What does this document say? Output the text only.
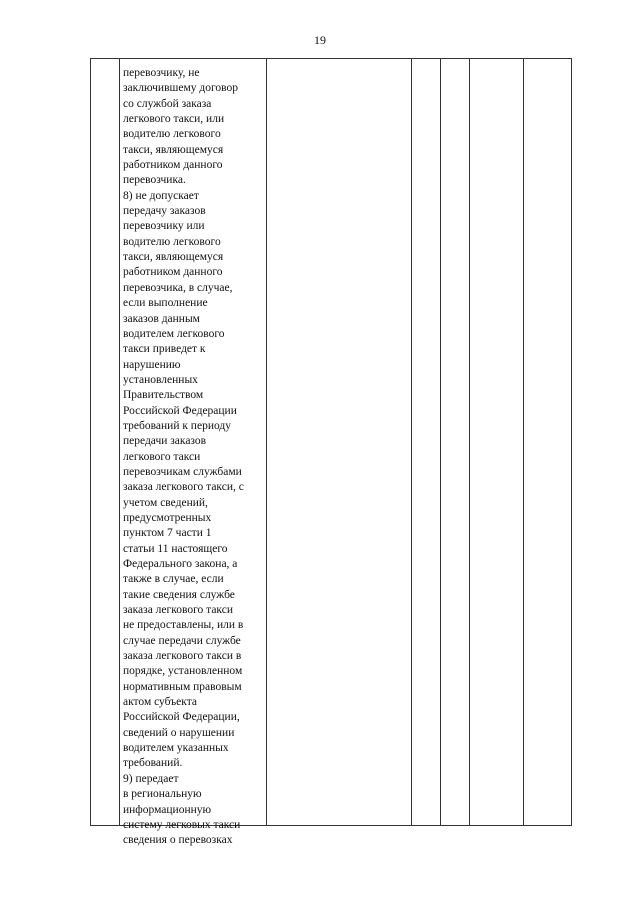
19
перевозчику, не
заключившему договор
со службой заказа
легкового такси, или
водителю легкового
такси, являющемуся
работником данного
перевозчика.
8) не допускает
передачу заказов
перевозчику или
водителю легкового
такси, являющемуся
работником данного
перевозчика, в случае,
если выполнение
заказов данным
водителем легкового
такси приведет к
нарушению
установленных
Правительством
Российской Федерации
требований к периоду
передачи заказов
легкового такси
перевозчикам службами
заказа легкового такси, с
учетом сведений,
предусмотренных
пунктом 7 части 1
статьи 11 настоящего
Федерального закона, а
также в случае, если
такие сведения службе
заказа легкового такси
не предоставлены, или в
случае передачи службе
заказа легкового такси в
порядке, установленном
нормативным правовым
актом субъекта
Российской Федерации,
сведений о нарушении
водителем указанных
требований.
9) передает
в региональную
информационную
систему легковых такси
сведения о перевозках
